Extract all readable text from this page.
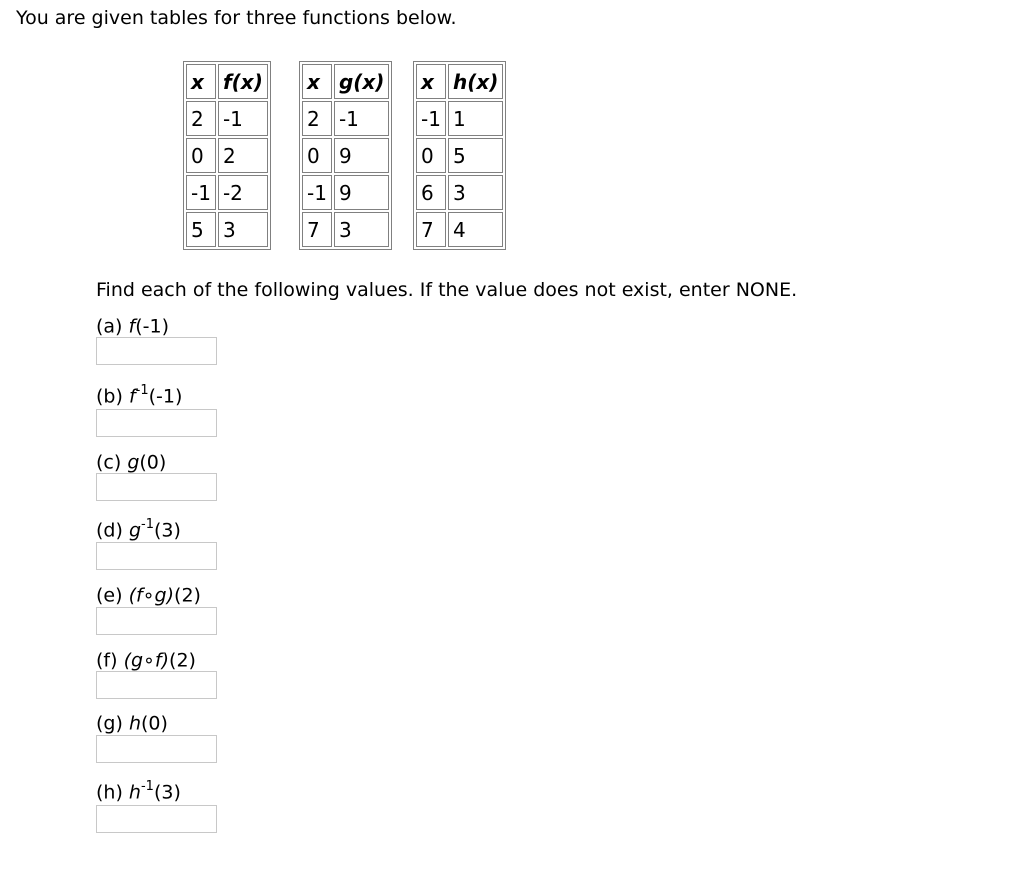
You are given tables for three functions below.
x	f(x)
2	-1
0	2
-1	-2
5	3
x	g(x)
2	-1
0	9
-1	9
7	3
x	h(x)
-1	1
0	5
6	3
7	4

Find each of the following values. If the value does not exist, enter NONE.

(a) f(-1)
(b) $f^{-1}(-1)$
(c) g(0)
(d) $g^{-1}(3)$
(e) (f∘g)(2)
(f) (g∘f)(2)
(g) h(0)
(h) $h^{-1}(3)$
